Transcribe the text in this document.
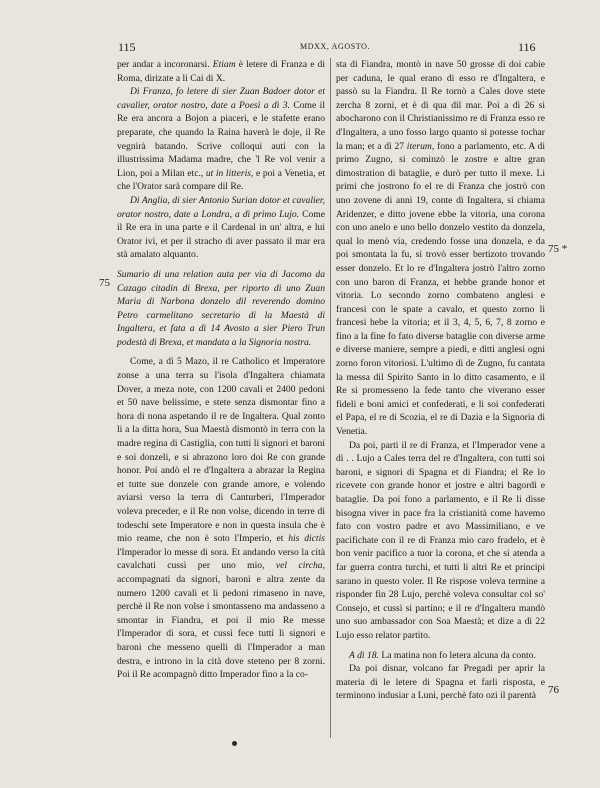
115	MDXX, AGOSTO.	116

per andar a incoronarsi. Etiam è letere di Franza e di Roma, dirizate a li Cai di X.

Di Franza, fo letere di sier Zuan Badoer dotor et cavalier, orator nostro, date a Poesì a dì 3. Come il Re era ancora a Bojon a piaceri, e le stafette erano preparate, che quando la Raina haverà le doje, il Re vegnirà batando. Scrive colloqui auti con la illustrissima Madama madre, che 'l Re vol venir a Lion, poi a Milan etc., ut in litteris, e poi a Venetia, et che l'Orator sarà compare dil Re.

Di Anglia, di sier Antonio Surian dotor et cavalier, orator nostro, date a Londra, a dì primo Lujo. Come il Re era in una parte e il Cardenal in un' altra, e lui Orator ivi, et per il stracho di aver passato il mar era stà amalato alquanto.

Sumario di una relation auta per via di Jacomo da Cazago citadin di Brexa, per riporto di uno Zuan Maria di Narbona donzelo dil reverendo domino Petro carmelitano secretario di la Maestà di Ingaltera, et fata a dì 14 Avosto a sier Piero Trun podestà di Brexa, et mandata a la Signoria nostra.

Come, a dì 5 Mazo, il re Catholico et Imperatore zonse a una terra su l'isola d'Ingaltera chiamata Dover, a meza note, con 1200 cavali et 2400 pedoni et 50 nave belissime, e stete senza dismontar fino a hora di nona aspetando il re de Ingaltera. Qual zonto li a la ditta hora, Sua Maestà dismontò in terra con la madre regina di Castiglia, con tutti li signori et baroni e soi donzeli, e si abrazono loro doi Re con grande honor. Poi andò el re d'Ingaltera a abrazar la Regina et tutte sue donzele con grande amore, e volendo aviarsi verso la terra di Canturberi, l'Imperador voleva preceder, e il Re non volse, dicendo in terre di todeschi sete Imperatore e non in questa insula che è mio reame, che non è soto l'Imperio, et his dictis l'Imperador lo messe di sora. Et andando verso la cità cavalchati cussì per uno mio, vel circha, accompagnati da signori, baroni e altra zente da numero 1200 cavali et li pedoni rimaseno in nave, perchè il Re non volse i smontasseno ma andasseno a smontar in Fiandra, et poi il mio Re messe l'Imperador di sora, et cussì fece tutti li signori e baroni che messeno quelli di l'Imperador a man destra, e introno in la cità dove steteno per 8 zorni. Poi il Re acompagnò ditto Imperador fino a la co-

75

sta di Fiandra, montò in nave 50 grosse di doi cabie per caduna, le qual erano di esso re d'Ingaltera, e passò su la Fiandra. Il Re tornò a Cales dove stete zercha 8 zorni, et è di qua dil mar. Poi a dì 26 si abocharono con il Christianissimo re di Franza esso re d'Ingaltera, a uno fosso largo quanto si potesse tochar la man; et a dì 27 iterum, fono a parlamento, etc. A dì primo Zugno, si cominzò le zostre e altre gran dimostration di bataglie, e durò per tutto il mexe. Li primi che jostrono fo el re di Franza che jostrò con uno zovene di anni 19, conte di Ingaltera, si chiama Aridenzer, e ditto jovene ebbe la vitoria, una corona con uno anelo e uno bello donzelo vestito da donzela, qual lo menò via, credendo fosse una donzela, e da poi smontata la fu, si trovò esser bertizoto trovando esser donzelo. Et lo re d'Ingaltera jostrò l'altro zorno con uno baron di Franza, et hebbe grande honor et vitoria. Lo secondo zorno combateno anglesi e francesi con le spate a cavalo, et questo zorno li francesi hebe la vitoria; et il 3, 4, 5, 6, 7, 8 zorno e fino a la fine fo fato diverse bataglie con diverse arme e diverse maniere, sempre a piedi, e ditti anglesi ogni zorno foron vitoriosi. L'ultimo di de Zugno, fu cantata la messa dil Spirito Santo in lo ditto casamento, e il Re si promesseno la fede tanto che viverano esser fideli e boni amici et confederati, e li soi confederati el Papa, el re di Scozia, el re di Dazia e la Signoria di Venetia.

Da poi, partì il re di Franza, et l'Imperador vene a dì . . Lujo a Cales terra del re d'Ingaltera, con tutti soi baroni, e signori di Spagna et di Fiandra; el Re lo ricevete con grande honor et jostre e altri bagordi e bataglie. Da poi fono a parlamento, e il Re li disse bisogna viver in pace fra la cristianità come havemo fato con vostro padre et avo Massimiliano, e ve pacifichate con il re di Franza mio caro fradelo, et è bon venir pacifico a tuor la corona, et che si atenda a far guerra contra turchi, et tutti li altri Re et principi sarano in questo voler. Il Re rispose voleva termine a risponder fin 28 Lujo, perchè voleva consultar col so' Consejo, et cussì si partino; e il re d'Ingaltera mandò uno suo ambassador con Soa Maestà; et dize a dì 22 Lujo esso relator partito.

A dì 18. La matina non fo letera alcuna da conto.

Da poi disnar, volcano far Pregadi per aprir la materia di le letere di Spagna et farli risposta, e terminono indusiar a Luni, perchè fato ozi il parentà

75 *
76
